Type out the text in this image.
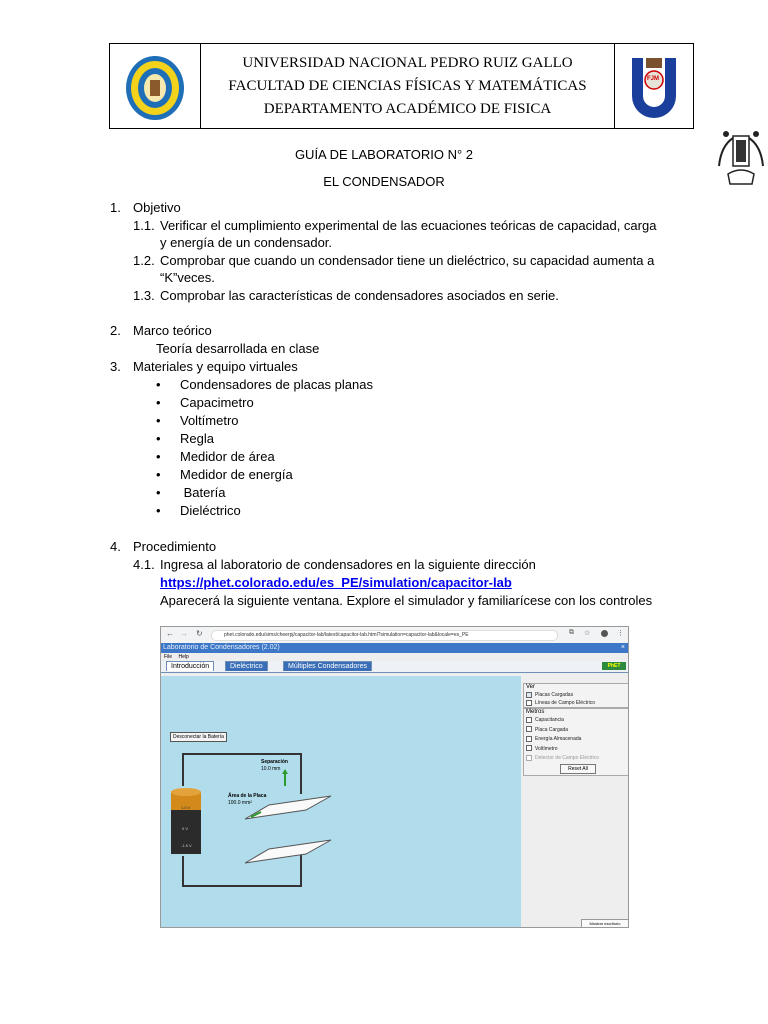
UNIVERSIDAD NACIONAL PEDRO RUIZ GALLO
FACULTAD DE CIENCIAS FÍSICAS Y MATEMÁTICAS
DEPARTAMENTO ACADÉMICO DE FISICA
FJM
GUÍA DE LABORATORIO N° 2
EL CONDENSADOR
1. Objetivo
1.1. Verificar el cumplimiento experimental de las ecuaciones teóricas de capacidad, carga
y energía de un condensador.
1.2. Comprobar que cuando un condensador tiene un dieléctrico, su capacidad aumenta a
“K”veces.
1.3. Comprobar las características de condensadores asociados en serie.
2. Marco teórico
Teoría desarrollada en clase
3. Materiales y equipo virtuales
• Condensadores de placas planas
• Capacimetro
• Voltímetro
• Regla
• Medidor de área
• Medidor de energía
• Batería
• Dieléctrico
4. Procedimiento
4.1. Ingresa al laboratorio de condensadores en la siguiente dirección
https://phet.colorado.edu/es_PE/simulation/capacitor-lab
Aparecerá la siguiente ventana. Explore el simulador y familiarícese con los controles
← → ↻	phet.colorado.edu/sims/cheerpj/capacitor-lab/latest/capacitor-lab.html?simulation=capacitor-lab&locale=es_PE	⧉ ☆	⋮
Laboratorio de Condensadores (2.02)	×
File Help
Introducción	Dieléctrico	Múltiples Condensadores	PhET
Desconectar la Batería
Separación
10.0 mm
Área de la Placa
100.0 mm²
1.5 V
0 V
-1.5 V
Ver
Placas Cargadas
Líneas de Campo Eléctrico
Metros
Capacitancia
Placa Cargada
Energía Almacenada
Voltímetro
Detector de Campo Eléctrico
Reset All
Mostrar escritorio
